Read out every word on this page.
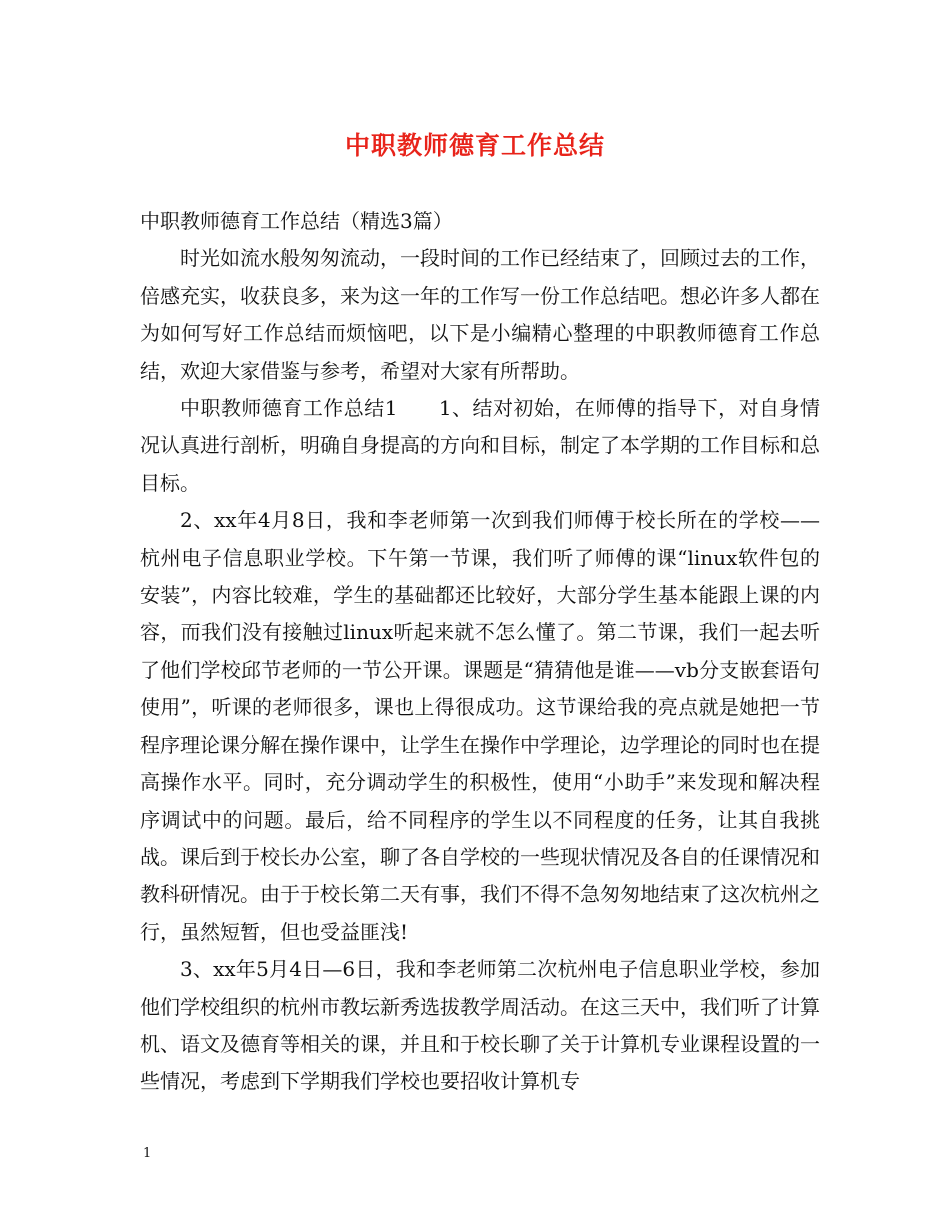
中职教师德育工作总结

中职教师德育工作总结（精选3篇）

时光如流水般匆匆流动，一段时间的工作已经结束了，回顾过去的工作，倍感充实，收获良多，来为这一年的工作写一份工作总结吧。想必许多人都在为如何写好工作总结而烦恼吧，以下是小编精心整理的中职教师德育工作总结，欢迎大家借鉴与参考，希望对大家有所帮助。

中职教师德育工作总结1　　1、结对初始，在师傅的指导下，对自身情况认真进行剖析，明确自身提高的方向和目标，制定了本学期的工作目标和总目标。

2、xx年4月8日，我和李老师第一次到我们师傅于校长所在的学校——杭州电子信息职业学校。下午第一节课，我们听了师傅的课“linux软件包的安装”，内容比较难，学生的基础都还比较好，大部分学生基本能跟上课的内容，而我们没有接触过linux听起来就不怎么懂了。第二节课，我们一起去听了他们学校邱节老师的一节公开课。课题是“猜猜他是谁——vb分支嵌套语句使用”，听课的老师很多，课也上得很成功。这节课给我的亮点就是她把一节程序理论课分解在操作课中，让学生在操作中学理论，边学理论的同时也在提高操作水平。同时，充分调动学生的积极性，使用“小助手”来发现和解决程序调试中的问题。最后，给不同程序的学生以不同程度的任务，让其自我挑战。课后到于校长办公室，聊了各自学校的一些现状情况及各自的任课情况和教科研情况。由于于校长第二天有事，我们不得不急匆匆地结束了这次杭州之行，虽然短暂，但也受益匪浅!

3、xx年5月4日—6日，我和李老师第二次杭州电子信息职业学校，参加他们学校组织的杭州市教坛新秀选拔教学周活动。在这三天中，我们听了计算机、语文及德育等相关的课，并且和于校长聊了关于计算机专业课程设置的一些情况，考虑到下学期我们学校也要招收计算机专

1
